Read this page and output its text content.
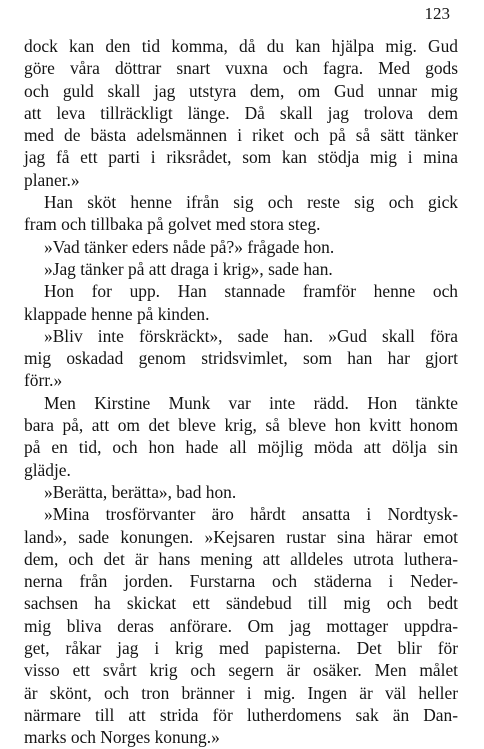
123
dock kan den tid komma, då du kan hjälpa mig. Gud
göre våra döttrar snart vuxna och fagra. Med gods
och guld skall jag utstyra dem, om Gud unnar mig
att leva tillräckligt länge. Då skall jag trolova dem
med de bästa adelsmännen i riket och på så sätt tänker
jag få ett parti i riksrådet, som kan stödja mig i mina
planer.»
Han sköt henne ifrån sig och reste sig och gick
fram och tillbaka på golvet med stora steg.
»Vad tänker eders nåde på?» frågade hon.
»Jag tänker på att draga i krig», sade han.
Hon for upp. Han stannade framför henne och
klappade henne på kinden.
»Bliv inte förskräckt», sade han. »Gud skall föra
mig oskadad genom stridsvimlet, som han har gjort
förr.»
Men Kirstine Munk var inte rädd. Hon tänkte
bara på, att om det bleve krig, så bleve hon kvitt honom
på en tid, och hon hade all möjlig möda att dölja sin
glädje.
»Berätta, berätta», bad hon.
»Mina trosförvanter äro hårdt ansatta i Nordtysk-
land», sade konungen. »Kejsaren rustar sina härar emot
dem, och det är hans mening att alldeles utrota luthera-
nerna från jorden. Furstarna och städerna i Neder-
sachsen ha skickat ett sändebud till mig och bedt
mig bliva deras anförare. Om jag mottager uppdra-
get, råkar jag i krig med papisterna. Det blir för
visso ett svårt krig och segern är osäker. Men målet
är skönt, och tron bränner i mig. Ingen är väl heller
närmare till att strida för lutherdomens sak än Dan-
marks och Norges konung.»
